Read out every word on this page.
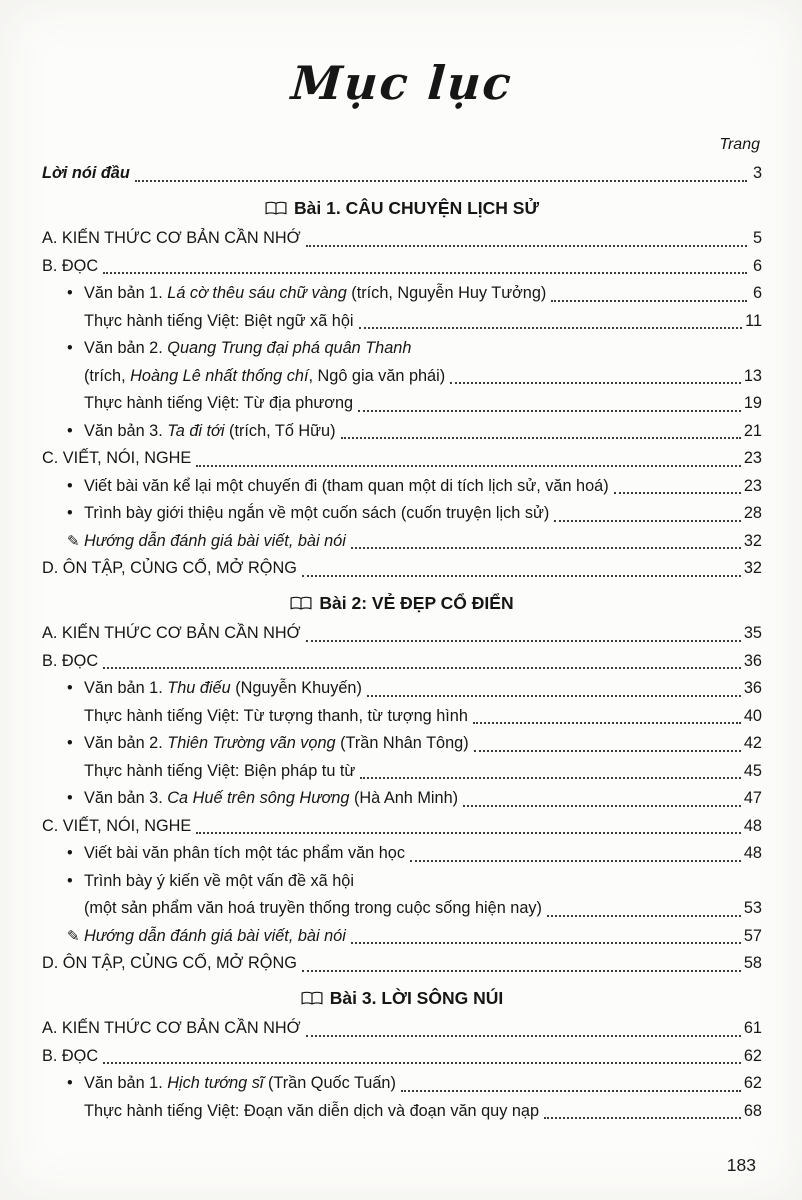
Mục lục
Trang
Lời nói đầu	3
Bài 1. CÂU CHUYỆN LỊCH SỬ
A. KIẾN THỨC CƠ BẢN CẦN NHỚ	5
B. ĐỌC	6
• Văn bản 1. Lá cờ thêu sáu chữ vàng (trích, Nguyễn Huy Tưởng)	6
Thực hành tiếng Việt: Biệt ngữ xã hội	11
• Văn bản 2. Quang Trung đại phá quân Thanh
(trích, Hoàng Lê nhất thống chí, Ngô gia văn phái)	13
Thực hành tiếng Việt: Từ địa phương	19
• Văn bản 3. Ta đi tới (trích, Tố Hữu)	21
C. VIẾT, NÓI, NGHE	23
• Viết bài văn kể lại một chuyến đi (tham quan một di tích lịch sử, văn hoá)	23
• Trình bày giới thiệu ngắn về một cuốn sách (cuốn truyện lịch sử)	28
✎ Hướng dẫn đánh giá bài viết, bài nói	32
D. ÔN TẬP, CỦNG CỐ, MỞ RỘNG	32
Bài 2: VẺ ĐẸP CỔ ĐIỂN
A. KIẾN THỨC CƠ BẢN CẦN NHỚ	35
B. ĐỌC	36
• Văn bản 1. Thu điếu (Nguyễn Khuyến)	36
Thực hành tiếng Việt: Từ tượng thanh, từ tượng hình	40
• Văn bản 2. Thiên Trường vãn vọng (Trần Nhân Tông)	42
Thực hành tiếng Việt: Biện pháp tu từ	45
• Văn bản 3. Ca Huế trên sông Hương (Hà Anh Minh)	47
C. VIẾT, NÓI, NGHE	48
• Viết bài văn phân tích một tác phẩm văn học	48
• Trình bày ý kiến về một vấn đề xã hội
(một sản phẩm văn hoá truyền thống trong cuộc sống hiện nay)	53
✎ Hướng dẫn đánh giá bài viết, bài nói	57
D. ÔN TẬP, CỦNG CỐ, MỞ RỘNG	58
Bài 3. LỜI SÔNG NÚI
A. KIẾN THỨC CƠ BẢN CẦN NHỚ	61
B. ĐỌC	62
• Văn bản 1. Hịch tướng sĩ (Trần Quốc Tuấn)	62
Thực hành tiếng Việt: Đoạn văn diễn dịch và đoạn văn quy nạp	68
183
